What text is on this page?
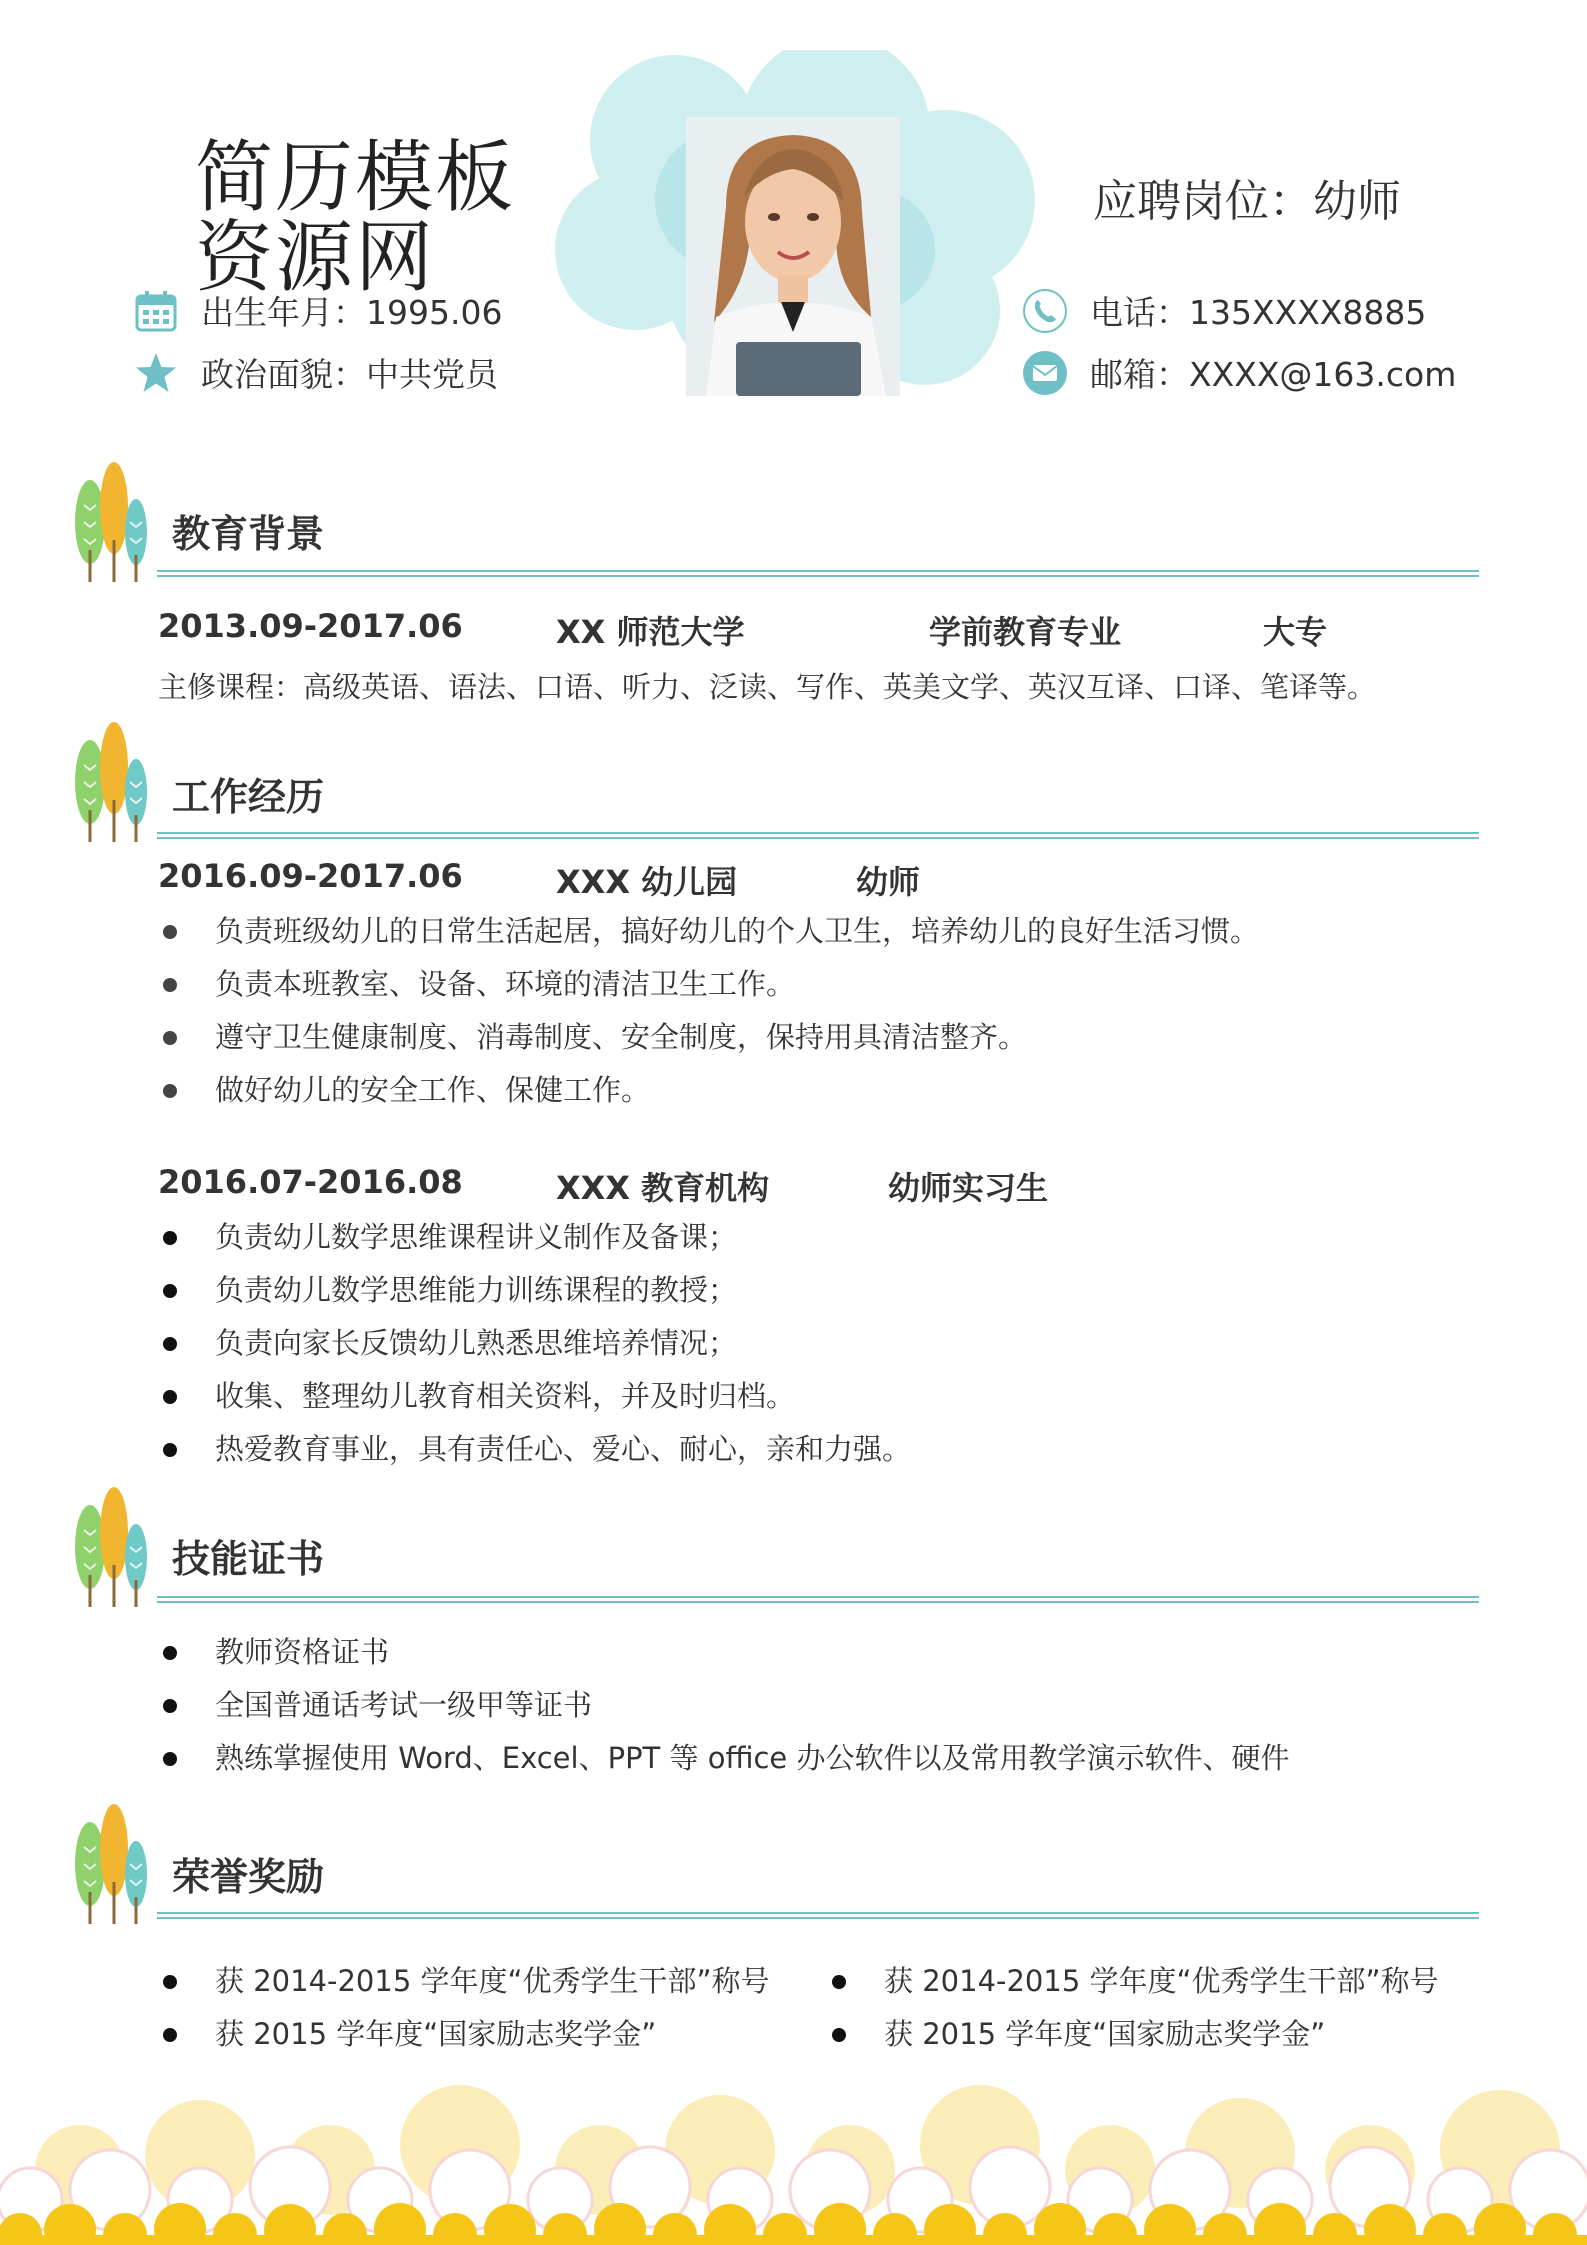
简历模板资源网
应聘岗位：幼师
出生年月：1995.06
政治面貌：中共党员
电话：135XXXX8885
邮箱：XXXX@163.com
教育背景
2013.09-2017.06	XX 师范大学	学前教育专业	大专
主修课程：高级英语、语法、口语、听力、泛读、写作、英美文学、英汉互译、口译、笔译等。
工作经历
2016.09-2017.06	XXX 幼儿园	幼师
负责班级幼儿的日常生活起居，搞好幼儿的个人卫生，培养幼儿的良好生活习惯。
负责本班教室、设备、环境的清洁卫生工作。
遵守卫生健康制度、消毒制度、安全制度，保持用具清洁整齐。
做好幼儿的安全工作、保健工作。
2016.07-2016.08	XXX 教育机构	幼师实习生
负责幼儿数学思维课程讲义制作及备课；
负责幼儿数学思维能力训练课程的教授；
负责向家长反馈幼儿熟悉思维培养情况；
收集、整理幼儿教育相关资料，并及时归档。
热爱教育事业，具有责任心、爱心、耐心，亲和力强。
技能证书
教师资格证书
全国普通话考试一级甲等证书
熟练掌握使用 Word、Excel、PPT 等 office 办公软件以及常用教学演示软件、硬件
荣誉奖励
获 2014-2015 学年度“优秀学生干部”称号
获 2015 学年度“国家励志奖学金”
获 2014-2015 学年度“优秀学生干部”称号
获 2015 学年度“国家励志奖学金”
